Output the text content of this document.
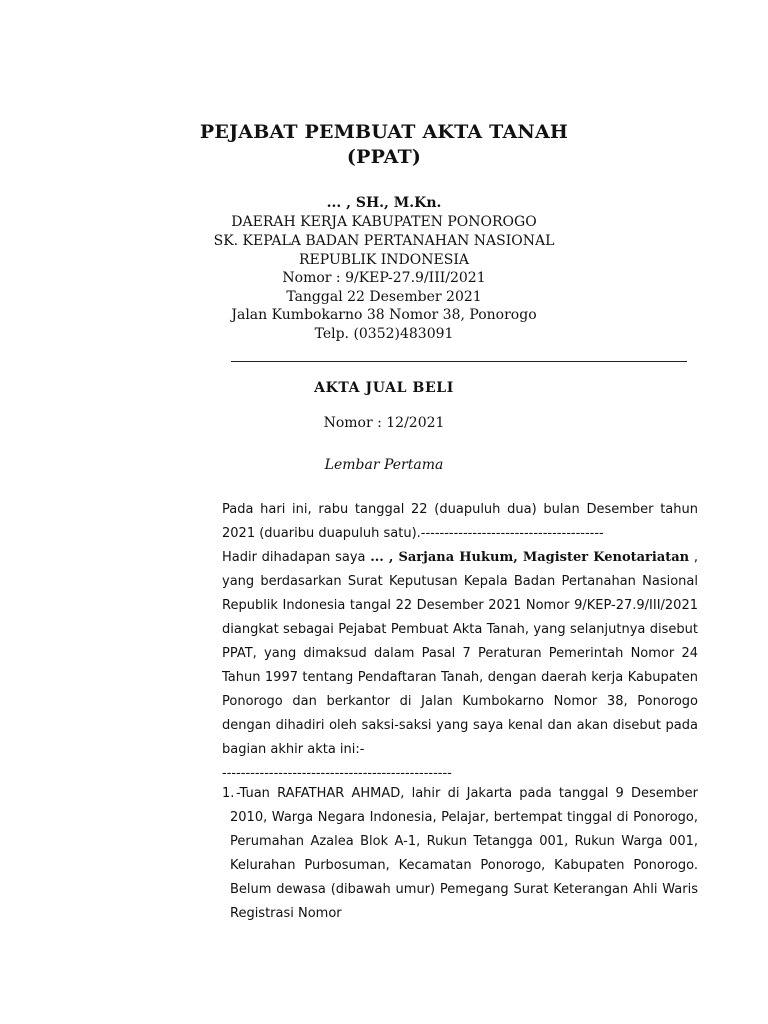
PEJABAT PEMBUAT AKTA TANAH
(PPAT)
... , SH., M.Kn.
DAERAH KERJA KABUPATEN PONOROGO
SK. KEPALA BADAN PERTANAHAN NASIONAL
REPUBLIK INDONESIA
Nomor : 9/KEP-27.9/III/2021
Tanggal 22 Desember 2021
Jalan Kumbokarno 38 Nomor 38, Ponorogo
Telp. (0352)483091
AKTA JUAL BELI
Nomor : 12/2021
Lembar Pertama

Pada hari ini, rabu tanggal 22 (duapuluh dua) bulan Desember tahun 2021 (duaribu duapuluh satu).---------------------------------------

Hadir dihadapan saya ... , Sarjana Hukum, Magister Kenotariatan , yang berdasarkan Surat Keputusan Kepala Badan Pertanahan Nasional Republik Indonesia tangal 22 Desember 2021 Nomor 9/KEP-27.9/III/2021 diangkat sebagai Pejabat Pembuat Akta Tanah, yang selanjutnya disebut PPAT, yang dimaksud dalam Pasal 7 Peraturan Pemerintah Nomor 24 Tahun 1997 tentang Pendaftaran Tanah, dengan daerah kerja Kabupaten Ponorogo dan berkantor di Jalan Kumbokarno Nomor 38, Ponorogo dengan dihadiri oleh saksi-saksi yang saya kenal dan akan disebut pada bagian akhir akta ini:-

-------------------------------------------------
1. -Tuan RAFATHAR AHMAD, lahir di Jakarta pada tanggal 9 Desember 2010, Warga Negara Indonesia, Pelajar, bertempat tinggal di Ponorogo, Perumahan Azalea Blok A-1, Rukun Tetangga 001, Rukun Warga 001, Kelurahan Purbosuman, Kecamatan Ponorogo, Kabupaten Ponorogo. Belum dewasa (dibawah umur) Pemegang Surat Keterangan Ahli Waris Registrasi Nomor
